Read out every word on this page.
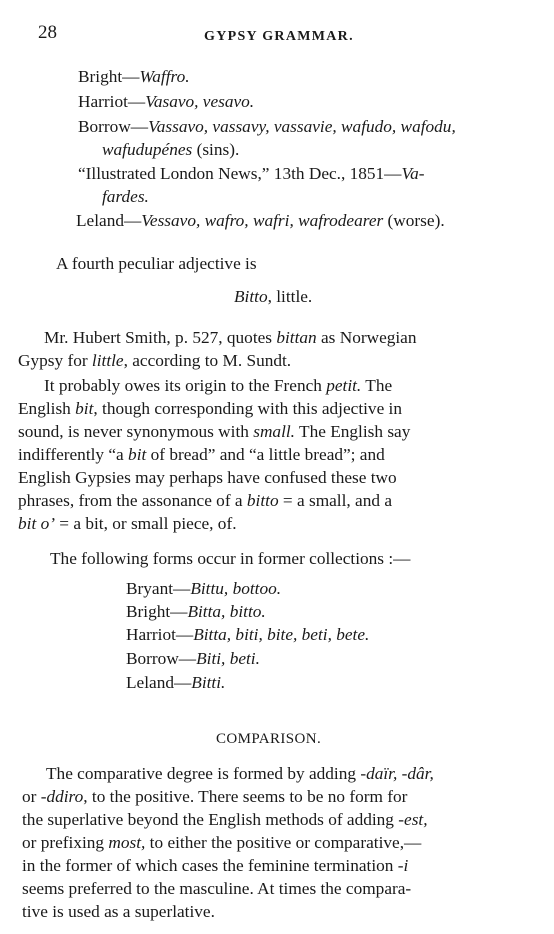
28	GYPSY GRAMMAR.
Bright—Waffro.
Harriot—Vasavo, vesavo.
Borrow—Vassavo, vassavy, vassavie, wafudo, wafodu,
wafudupénes (sins).
“Illustrated London News,” 13th Dec., 1851—Va-
fardes.
Leland—Vessavo, wafro, wafri, wafrodearer (worse).
A fourth peculiar adjective is
Bitto, little.
Mr. Hubert Smith, p. 527, quotes bittan as Norwegian
Gypsy for little, according to M. Sundt.
It probably owes its origin to the French petit. The
English bit, though corresponding with this adjective in
sound, is never synonymous with small. The English say
indifferently “a bit of bread” and “a little bread”; and
English Gypsies may perhaps have confused these two
phrases, from the assonance of a bitto = a small, and a
bit o’ = a bit, or small piece, of.
The following forms occur in former collections :—
Bryant—Bittu, bottoo.
Bright—Bitta, bitto.
Harriot—Bitta, biti, bite, beti, bete.
Borrow—Biti, beti.
Leland—Bitti.
COMPARISON.
The comparative degree is formed by adding -daïr, -dâr,
or -ddiro, to the positive. There seems to be no form for
the superlative beyond the English methods of adding -est,
or prefixing most, to either the positive or comparative,—
in the former of which cases the feminine termination -i
seems preferred to the masculine. At times the compara-
tive is used as a superlative.
